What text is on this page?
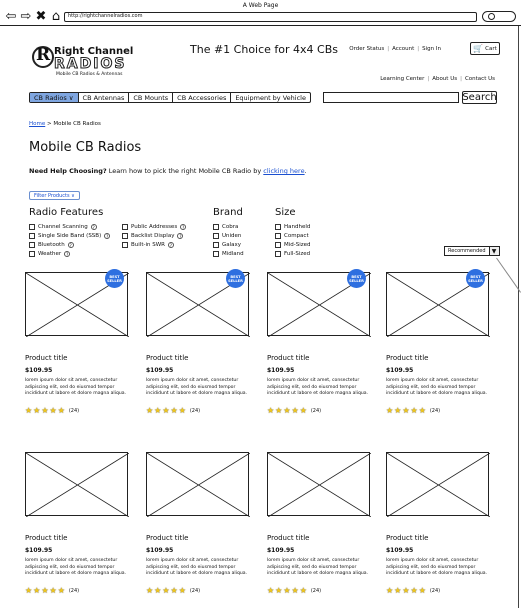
A Web Page
⇦ ⇨ ✖ ⌂	http://rightchannelradios.com
R Right Channel
RADIOS
Mobile CB Radios & Antennas
The #1 Choice for 4x4 CBs	Order Status | Account | Sign In	🛒 Cart
Learning Center | About Us | Contact Us
CB Radios ∨	CB Antennas	CB Mounts	CB Accessories	Equipment by Vehicle	Search
Home > Mobile CB Radios
Mobile CB Radios
Need Help Choosing? Learn how to pick the right Mobile CB Radio by clicking here.
Filter Products ∨
Radio Features	Brand	Size
Channel Scanning	?
Single Side Band (SSB)	?
Bluetooth	?
Weather	?
Public Addresses	?
Backlist Display	?
Built-in SWR	?
Cobra
Uniden
Galaxy
Midland
Handheld
Compact
Mid-Sized
Full-Sized	Recommended	▼
BEST SELLER
Product title
$109.95
lorem ipsum dolor sit amet, consectetur adipiscing elit, sed do eiusmod tempor incididunt ut labore et dolore magna aliqua.
★ ★ ★ ★ ★ (24)
BEST SELLER
Product title
$109.95
lorem ipsum dolor sit amet, consectetur adipiscing elit, sed do eiusmod tempor incididunt ut labore et dolore magna aliqua.
★ ★ ★ ★ ★ (24)
BEST SELLER
Product title
$109.95
lorem ipsum dolor sit amet, consectetur adipiscing elit, sed do eiusmod tempor incididunt ut labore et dolore magna aliqua.
★ ★ ★ ★ ★ (24)
BEST SELLER
Product title
$109.95
lorem ipsum dolor sit amet, consectetur adipiscing elit, sed do eiusmod tempor incididunt ut labore et dolore magna aliqua.
★ ★ ★ ★ ★ (24)
Product title
$109.95
lorem ipsum dolor sit amet, consectetur adipiscing elit, sed do eiusmod tempor incididunt ut labore et dolore magna aliqua.
★ ★ ★ ★ ★ (24)
Product title
$109.95
lorem ipsum dolor sit amet, consectetur adipiscing elit, sed do eiusmod tempor incididunt ut labore et dolore magna aliqua.
★ ★ ★ ★ ★ (24)
Product title
$109.95
lorem ipsum dolor sit amet, consectetur adipiscing elit, sed do eiusmod tempor incididunt ut labore et dolore magna aliqua.
★ ★ ★ ★ ★ (24)
Product title
$109.95
lorem ipsum dolor sit amet, consectetur adipiscing elit, sed do eiusmod tempor incididunt ut labore et dolore magna aliqua.
★ ★ ★ ★ ★ (24)
